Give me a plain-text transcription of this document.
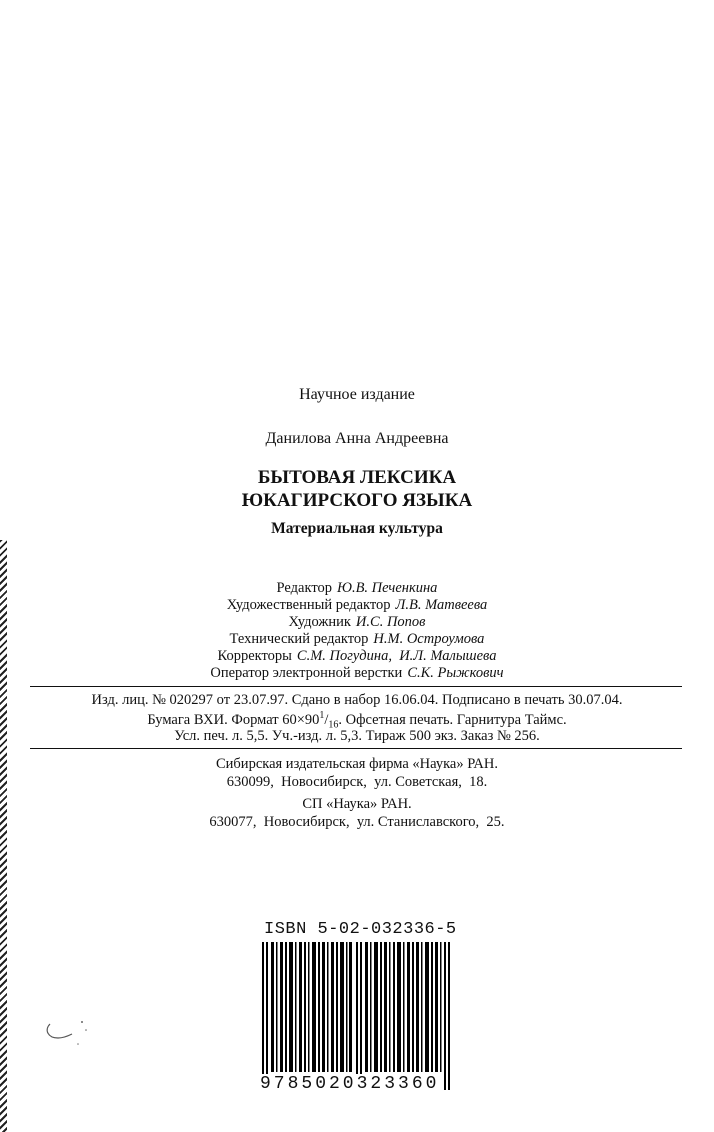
Научное издание
Данилова Анна Андреевна
БЫТОВАЯ ЛЕКСИКА
ЮКАГИРСКОГО ЯЗЫКА
Материальная культура
Редактор Ю.В. Печенкина
Художественный редактор Л.В. Матвеева
Художник И.С. Попов
Технический редактор Н.М. Остроумова
Корректоры С.М. Погудина,  И.Л. Малышева
Оператор электронной верстки С.К. Рыжкович
Изд. лиц. № 020297 от 23.07.97. Сдано в набор 16.06.04. Подписано в печать 30.07.04.
Бумага ВХИ. Формат $60\times 90^1/_{16}$. Офсетная печать. Гарнитура Таймс.
Усл. печ. л. 5,5. Уч.-изд. л. 5,3. Тираж 500 экз. Заказ № 256.
Сибирская издательская фирма «Наука» РАН.
630099,  Новосибирск,  ул. Советская,  18.
СП «Наука» РАН.
630077,  Новосибирск,  ул. Станиславского,  25.
ISBN 5-02-032336-5
9785020323360
